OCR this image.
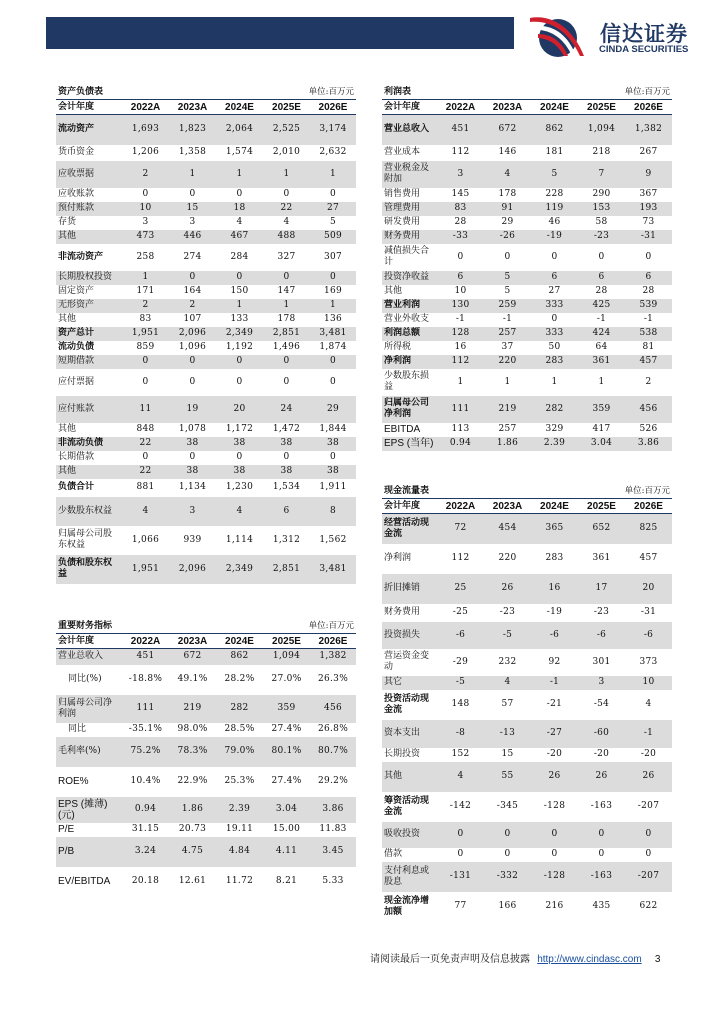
信达证券
CINDA SECURITIES
资产负债表				单位:百万元	
会计年度	2022A	2023A	2024E	2025E	2026E
流动资产	1,693	1,823	2,064	2,525	3,174
货币资金	1,206	1,358	1,574	2,010	2,632
应收票据	2	1	1	1	1
应收账款	0	0	0	0	0
预付账款	10	15	18	22	27
存货	3	3	4	4	5
其他	473	446	467	488	509
非流动资产	258	274	284	327	307
长期股权投资	1	0	0	0	0
固定资产	171	164	150	147	169
无形资产	2	2	1	1	1
其他	83	107	133	178	136
资产总计	1,951	2,096	2,349	2,851	3,481
流动负债	859	1,096	1,192	1,496	1,874
短期借款	0	0	0	0	0
应付票据	0	0	0	0	0
应付账款	11	19	20	24	29
其他	848	1,078	1,172	1,472	1,844
非流动负债	22	38	38	38	38
长期借款	0	0	0	0	0
其他	22	38	38	38	38
负债合计	881	1,134	1,230	1,534	1,911
少数股东权益	4	3	4	6	8
归属母公司股东权益	1,066	939	1,114	1,312	1,562
负债和股东权益	1,951	2,096	2,349	2,851	3,481
重要财务指标				单位:百万元	
会计年度	2022A	2023A	2024E	2025E	2026E
营业总收入	451	672	862	1,094	1,382
同比(%)	-18.8%	49.1%	28.2%	27.0%	26.3%
归属母公司净利润	111	219	282	359	456
同比	-35.1%	98.0%	28.5%	27.4%	26.8%
毛利率(%)	75.2%	78.3%	79.0%	80.1%	80.7%
ROE%	10.4%	22.9%	25.3%	27.4%	29.2%
EPS (摊薄)(元)	0.94	1.86	2.39	3.04	3.86
P/E	31.15	20.73	19.11	15.00	11.83
P/B	3.24	4.75	4.84	4.11	3.45
EV/EBITDA	20.18	12.61	11.72	8.21	5.33
利润表				单位:百万元	
会计年度	2022A	2023A	2024E	2025E	2026E
营业总收入	451	672	862	1,094	1,382
营业成本	112	146	181	218	267
营业税金及附加	3	4	5	7	9
销售费用	145	178	228	290	367
管理费用	83	91	119	153	193
研发费用	28	29	46	58	73
财务费用	-33	-26	-19	-23	-31
减值损失合计	0	0	0	0	0
投资净收益	6	5	6	6	6
其他	10	5	27	28	28
营业利润	130	259	333	425	539
营业外收支	-1	-1	0	-1	-1
利润总额	128	257	333	424	538
所得税	16	37	50	64	81
净利润	112	220	283	361	457
少数股东损益	1	1	1	1	2
归属母公司净利润	111	219	282	359	456
EBITDA	113	257	329	417	526
EPS (当年)	0.94	1.86	2.39	3.04	3.86
现金流量表				单位:百万元	
会计年度	2022A	2023A	2024E	2025E	2026E
经营活动现金流	72	454	365	652	825
净利润	112	220	283	361	457
折旧摊销	25	26	16	17	20
财务费用	-25	-23	-19	-23	-31
投资损失	-6	-5	-6	-6	-6
营运资金变动	-29	232	92	301	373
其它	-5	4	-1	3	10
投资活动现金流	148	57	-21	-54	4
资本支出	-8	-13	-27	-60	-1
长期投资	152	15	-20	-20	-20
其他	4	55	26	26	26
筹资活动现金流	-142	-345	-128	-163	-207
吸收投资	0	0	0	0	0
借款	0	0	0	0	0
支付利息或股息	-131	-332	-128	-163	-207
现金流净增加额	77	166	216	435	622
请阅读最后一页免责声明及信息披露 http://www.cindasc.com 3
